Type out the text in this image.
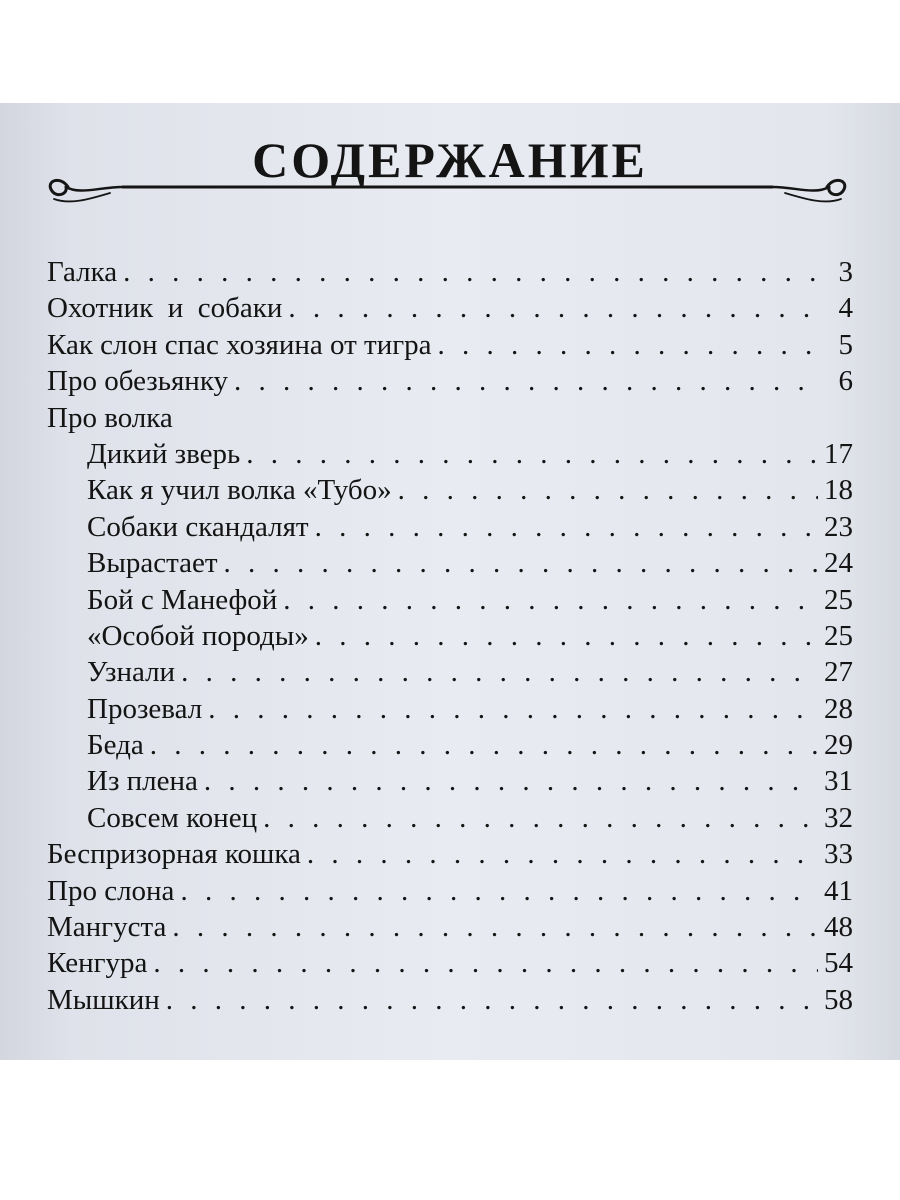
СОДЕРЖАНИЕ
Галка . . .	3
Охотник  и  собаки . . .	4
Как слон спас хозяина от тигра . . .	5
Про обезьянку . . .	6
Про волка
Дикий зверь . . .	17
Как я учил волка «Тубо» . . .	18
Собаки скандалят . . .	23
Вырастает . . .	24
Бой с Манефой . . .	25
«Особой породы» . . .	25
Узнали . . .	27
Прозевал . . .	28
Беда . . .	29
Из плена . . .	31
Совсем конец . . .	32
Беспризорная кошка . . .	33
Про слона . . .	41
Мангуста . . .	48
Кенгура . . .	54
Мышкин . . .	58
